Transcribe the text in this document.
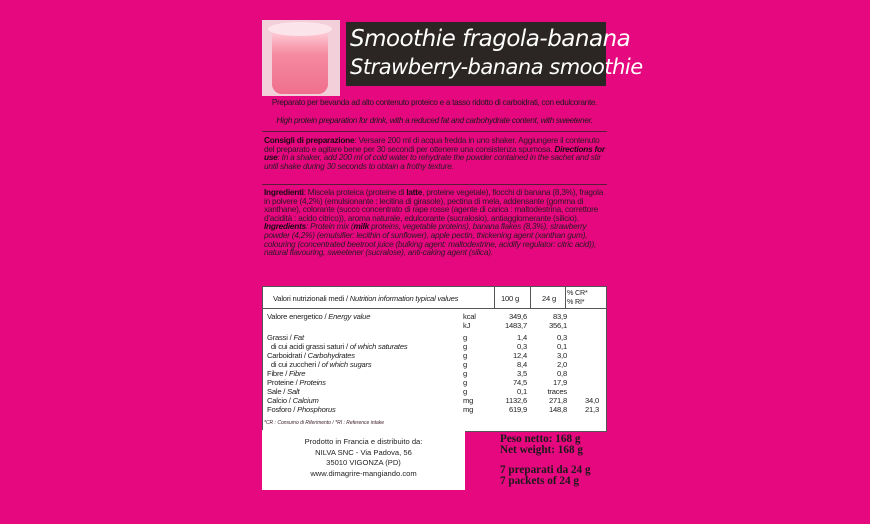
Smoothie fragola-banana
Strawberry-banana smoothie
Preparato per bevanda ad alto contenuto proteico e a tasso ridotto di carboidrati, con edulcorante.
High protein preparation for drink, with a reduced fat and carbohydrate content, with sweetener.
Consigli di preparazione: Versare 200 ml di acqua fredda in uno shaker. Aggiungere il contenuto del preparato e agitare bene per 30 secondi per ottenere una consistenza spumosa. Directions for use: In a shaker, add 200 ml of cold water to rehydrate the powder contained in the sachet and stir until shake during 30 seconds to obtain a frothy texture.
Ingredienti: Miscela proteica (proteine di latte, proteine vegetale), fiocchi di banana (8,3%), fragola in polvere (4,2%) (emulsionante : lecitina di girasole), pectina di mela, addensante (gomma di xanthane), colorante (succo concentrato di rape rosse (agente di carica : maltodestrina, correttore d'acidità : acido citrico)), aroma naturale, edulcorante (sucralosio), antiagglomerante (silicio). Ingredients: Protein mix (milk proteins, vegetable proteins), banana flakes (8,3%), strawberry powder (4,2%) (emulsifier: lecithin of sunflower), apple pectin, thickening agent (xanthan gum), colouring (concentrated beetroot juice (bulking agent: maltodextrine, acidify regulator: citric acid)), natural flavouring, sweetener (sucralose), anti-caking agent (silica).
Valori nutrizionali medi / Nutrition information typical values	100 g	24 g
% CR*
% RI*
Valore energetico / Energy value	kcal	349,6	83,9
kJ	1483,7	356,1
Grassi / Fat	g	1,4	0,3
di cui acidi grassi saturi / of which saturates	g	0,3	0,1
Carboidrati / Carbohydrates	g	12,4	3,0
di cui zuccheri / of which sugars	g	8,4	2,0
Fibre / Fibre	g	3,5	0,8
Proteine / Proteins	g	74,5	17,9
Sale / Salt	g	0,1	traces
Calcio / Calcium	mg	1132,6	271,8	34,0
Fosforo / Phosphorus	mg	619,9	148,8	21,3
*CR : Consumo di Riferimento / *RI : Reference intake
Prodotto in Francia e distribuito da:
NILVA SNC - Via Padova, 56
35010 VIGONZA (PD)
www.dimagrire-mangiando.com
Peso netto: 168 g
Net weight: 168 g
7 preparati da 24 g
7 packets of 24 g
